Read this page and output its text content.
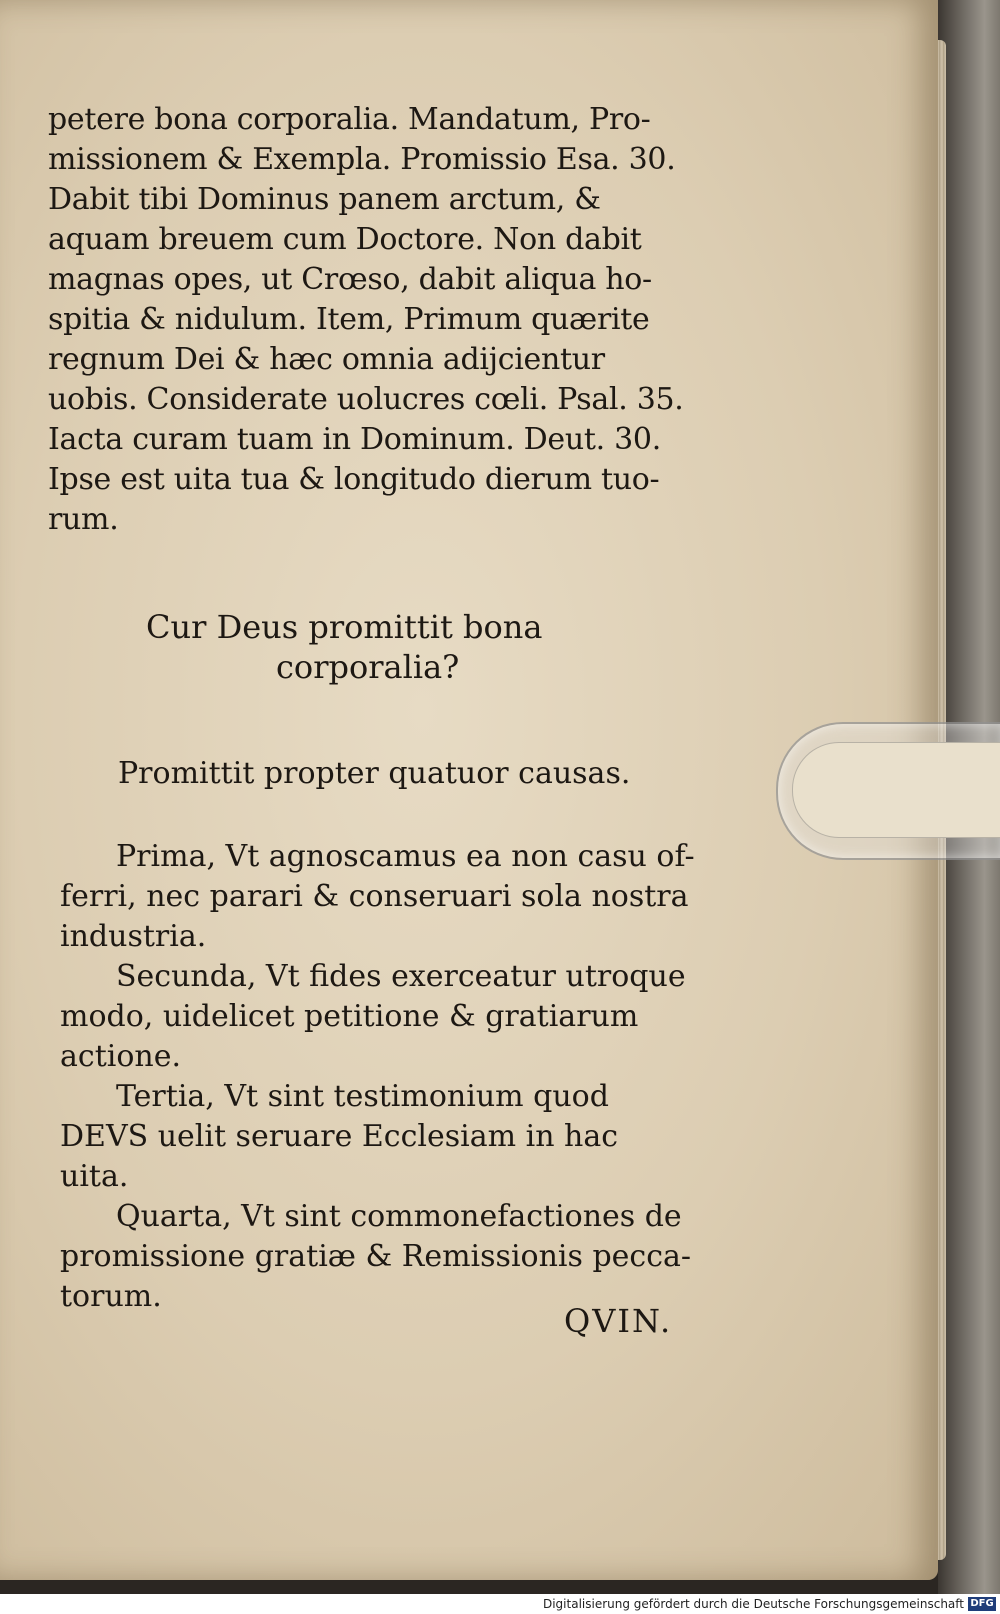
petere bona corporalia. Mandatum, Pro-
missionem & Exempla. Promissio Esa. 30.
Dabit tibi Dominus panem arctum, &
aquam breuem cum Doctore. Non dabit
magnas opes, ut Crœso, dabit aliqua ho-
spitia & nidulum. Item, Primum quærite
regnum Dei & hæc omnia adijcientur
uobis. Considerate uolucres cœli. Psal. 35.
Iacta curam tuam in Dominum. Deut. 30.
Ipse est uita tua & longitudo dierum tuo-
rum.
Cur Deus promittit bona
corporalia?
Promittit propter quatuor causas.
Prima, Vt agnoscamus ea non casu of-
ferri, nec parari & conseruari sola nostra
industria.
Secunda, Vt fides exerceatur utroque
modo, uidelicet petitione & gratiarum
actione.
Tertia, Vt sint testimonium quod
DEVS uelit seruare Ecclesiam in hac
uita.
Quarta, Vt sint commonefactiones de
promissione gratiæ & Remissionis pecca-
torum.
QVIN.
Digitalisierung gefördert durch die Deutsche Forschungsgemeinschaft DFG
